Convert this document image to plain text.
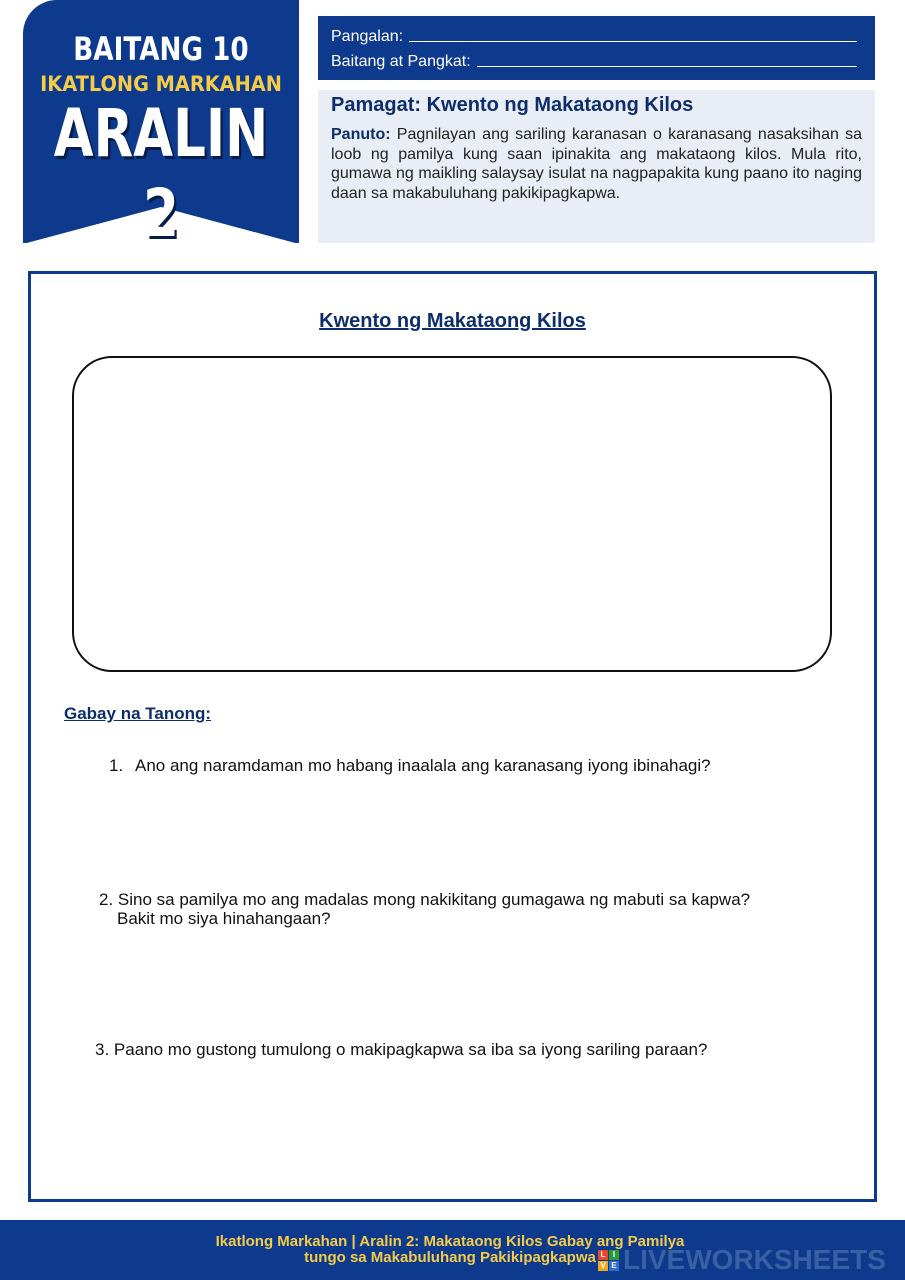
BAITANG 10
IKATLONG MARKAHAN
ARALIN 2
Pangalan:
Baitang at Pangkat:

Pamagat: Kwento ng Makataong Kilos

Panuto: Pagnilayan ang sariling karanasan o karanasang nasaksihan sa loob ng pamilya kung saan ipinakita ang makataong kilos. Mula rito, gumawa ng maikling salaysay isulat na nagpapakita kung paano ito naging daan sa makabuluhang pakikipagkapwa.

Kwento ng Makataong Kilos
Gabay na Tanong:
1. Ano ang naramdaman mo habang inaalala ang karanasang iyong ibinahagi?
2. Sino sa pamilya mo ang madalas mong nakikitang gumagawa ng mabuti sa kapwa?
Bakit mo siya hinahangaan?
3. Paano mo gustong tumulong o makipagkapwa sa iba sa iyong sariling paraan?
Ikatlong Markahan | Aralin 2: Makataong Kilos Gabay ang Pamilya
tungo sa Makabuluhang Pakikipagkapwa L I
V E LIVEWORKSHEETS
